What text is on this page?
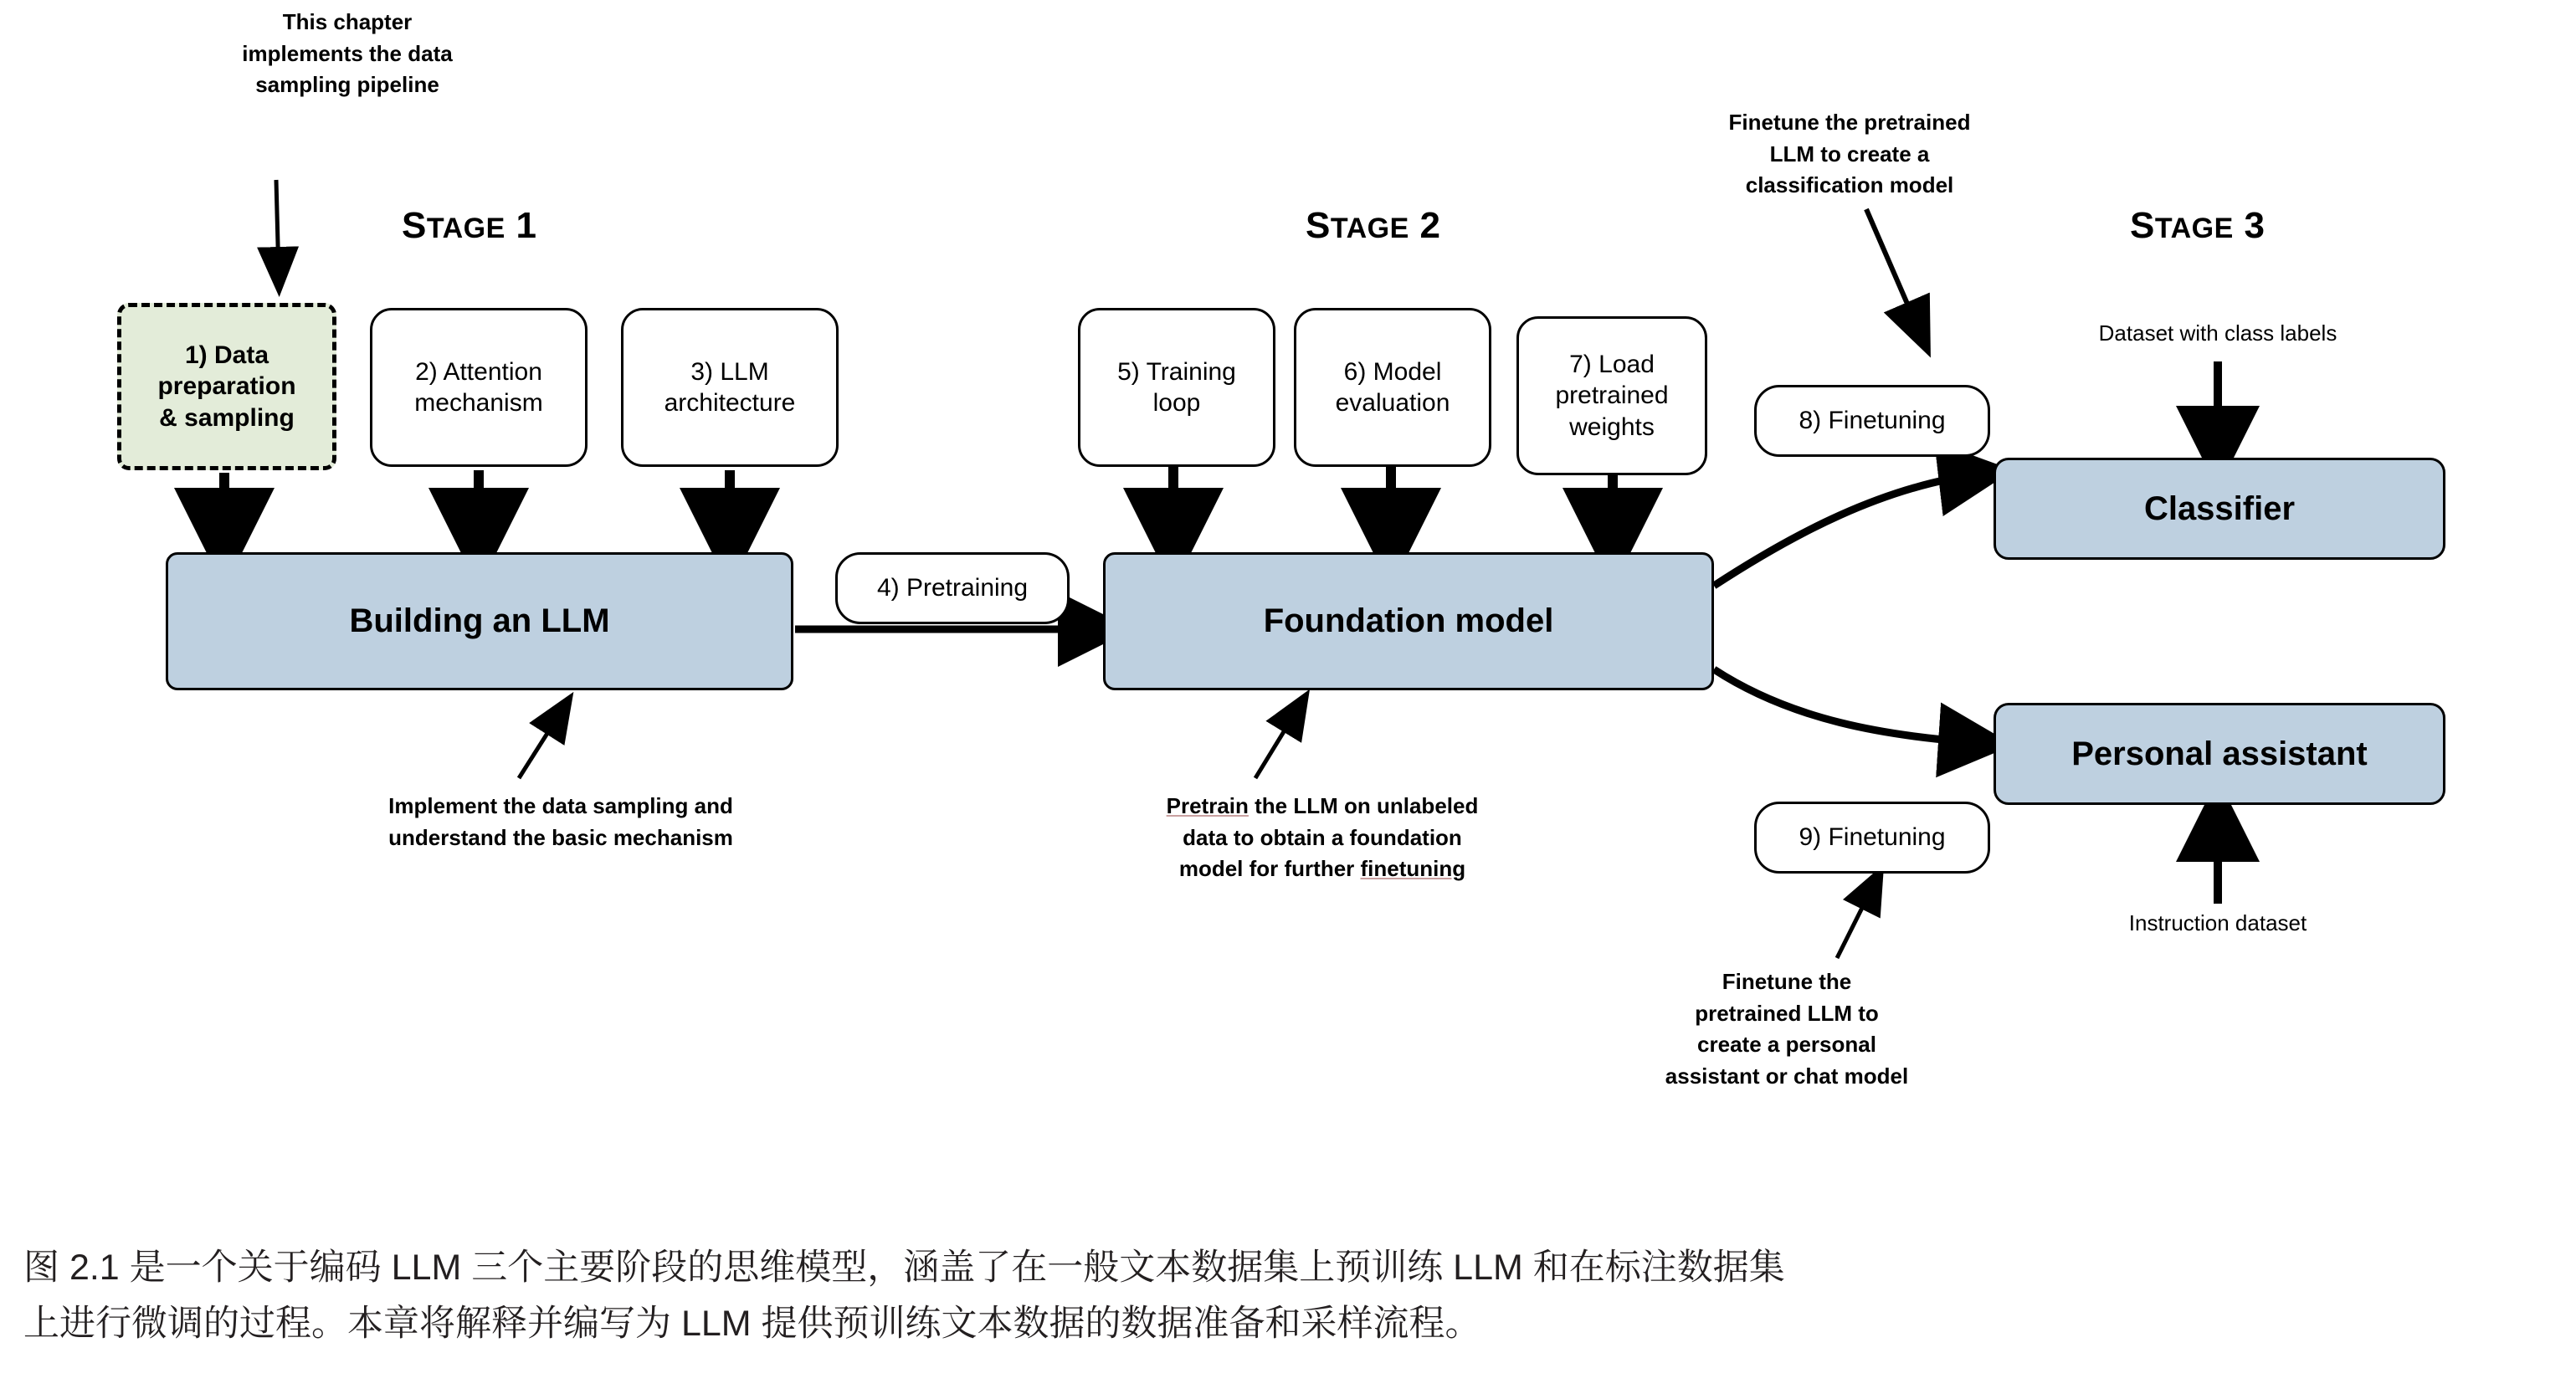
STAGE 1	STAGE 2	STAGE 3
This chapter
implements the data
sampling pipeline
Finetune the pretrained
LLM to create a
classification model
Dataset with class labels
Instruction dataset
Implement the data sampling and
understand the basic mechanism
Pretrain the LLM on unlabeled
data to obtain a foundation
model for further finetuning
Finetune the
pretrained LLM to
create a personal
assistant or chat model
1) Data
preparation
& sampling
2) Attention
mechanism
3) LLM
architecture
4) Pretraining
5) Training
loop
6) Model
evaluation
7) Load
pretrained
weights	8) Finetuning
9) Finetuning
Building an LLM	Foundation model
Classifier
Personal assistant
图 2.1 是一个关于编码 LLM 三个主要阶段的思维模型，涵盖了在一般文本数据集上预训练 LLM 和在标注数据集
上进行微调的过程。本章将解释并编写为 LLM 提供预训练文本数据的数据准备和采样流程。
